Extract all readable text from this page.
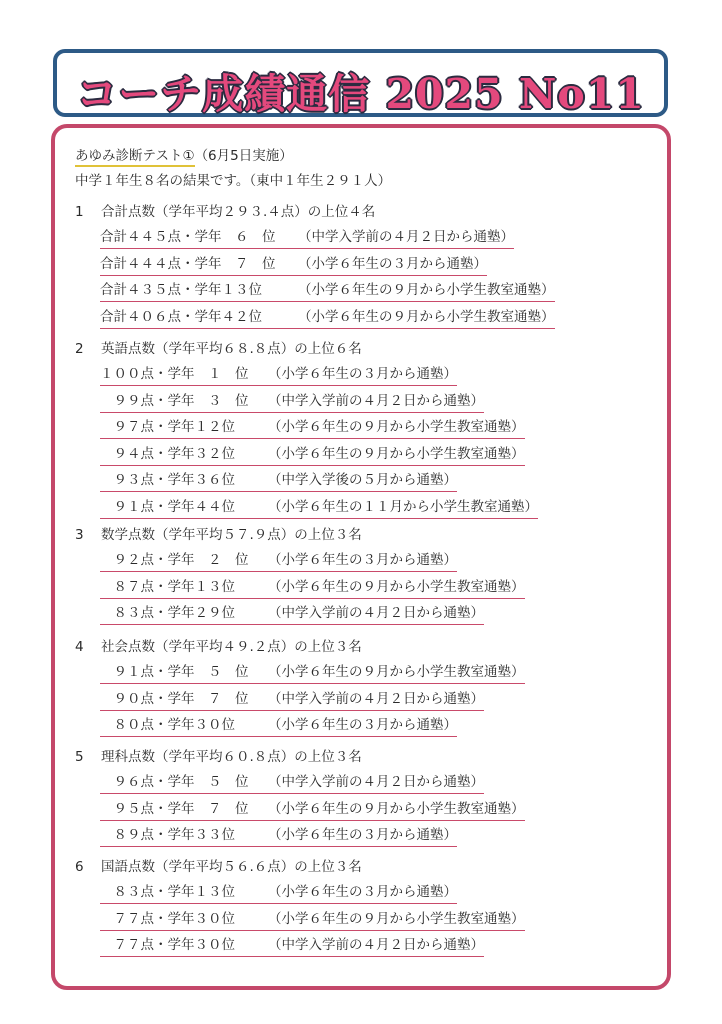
コーチ成績通信 2025 No11
あゆみ診断テスト①（6月5日実施）
中学１年生８名の結果です。（東中１年生２９１人）
1 合計点数（学年平均２９３.４点）の上位４名
合計４４５点・学年　６　位 （中学入学前の４月２日から通塾）
合計４４４点・学年　７　位 （小学６年生の３月から通塾）
合計４３５点・学年１３位	（小学６年生の９月から小学生教室通塾）
合計４０６点・学年４２位	（小学６年生の９月から小学生教室通塾）
2 英語点数（学年平均６８.８点）の上位６名
１００点・学年　１　位 （小学６年生の３月から通塾）
　９９点・学年　３　位 （中学入学前の４月２日から通塾）
　９７点・学年１２位 （小学６年生の９月から小学生教室通塾）
　９４点・学年３２位 （小学６年生の９月から小学生教室通塾）
　９３点・学年３６位 （中学入学後の５月から通塾）
　９１点・学年４４位 （小学６年生の１１月から小学生教室通塾）
3 数学点数（学年平均５７.９点）の上位３名
　９２点・学年　２　位 （小学６年生の３月から通塾）
　８７点・学年１３位 （小学６年生の９月から小学生教室通塾）
　８３点・学年２９位 （中学入学前の４月２日から通塾）
4 社会点数（学年平均４９.２点）の上位３名
　９１点・学年　５　位 （小学６年生の９月から小学生教室通塾）
　９０点・学年　７　位 （中学入学前の４月２日から通塾）
　８０点・学年３０位 （小学６年生の３月から通塾）
5 理科点数（学年平均６０.８点）の上位３名
　９６点・学年　５　位 （中学入学前の４月２日から通塾）
　９５点・学年　７　位 （小学６年生の９月から小学生教室通塾）
　８９点・学年３３位 （小学６年生の３月から通塾）
6 国語点数（学年平均５６.６点）の上位３名
　８３点・学年１３位 （小学６年生の３月から通塾）
　７７点・学年３０位 （小学６年生の９月から小学生教室通塾）
　７７点・学年３０位 （中学入学前の４月２日から通塾）
